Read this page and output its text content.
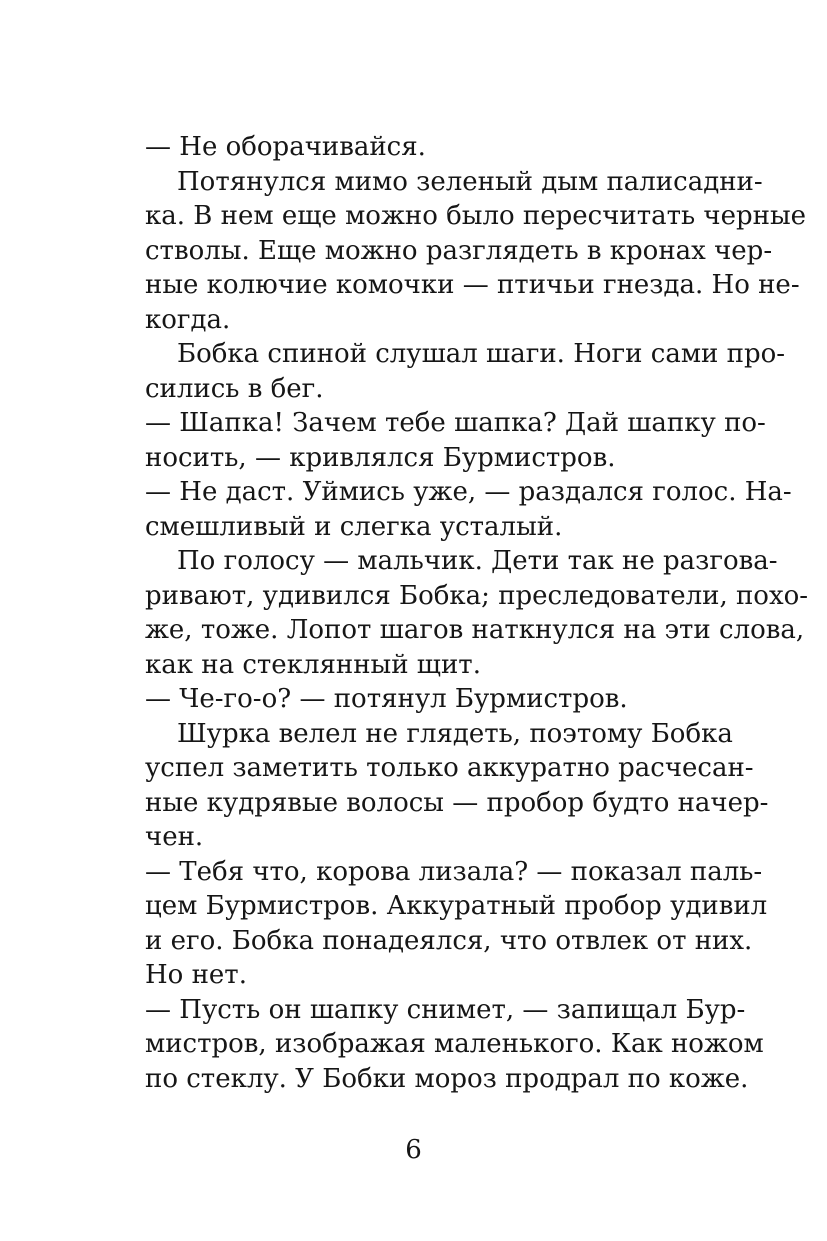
— Не оборачивайся.
Потянулся мимо зеленый дым палисадни-
ка. В нем еще можно было пересчитать черные
стволы. Еще можно разглядеть в кронах чер-
ные колючие комочки — птичьи гнезда. Но не-
когда.
Бобка спиной слушал шаги. Ноги сами про-
сились в бег.
— Шапка! Зачем тебе шапка? Дай шапку по-
носить, — кривлялся Бурмистров.
— Не даст. Уймись уже, — раздался голос. На-
смешливый и слегка усталый.
По голосу — мальчик. Дети так не разгова-
ривают, удивился Бобка; преследователи, похо-
же, тоже. Лопот шагов наткнулся на эти слова,
как на стеклянный щит.
— Че-го-о? — потянул Бурмистров.
Шурка велел не глядеть, поэтому Бобка
успел заметить только аккуратно расчесан-
ные кудрявые волосы — пробор будто начер-
чен.
— Тебя что, корова лизала? — показал паль-
цем Бурмистров. Аккуратный пробор удивил
и его. Бобка понадеялся, что отвлек от них.
Но нет.
— Пусть он шапку снимет, — запищал Бур-
мистров, изображая маленького. Как ножом
по стеклу. У Бобки мороз продрал по коже.
6
